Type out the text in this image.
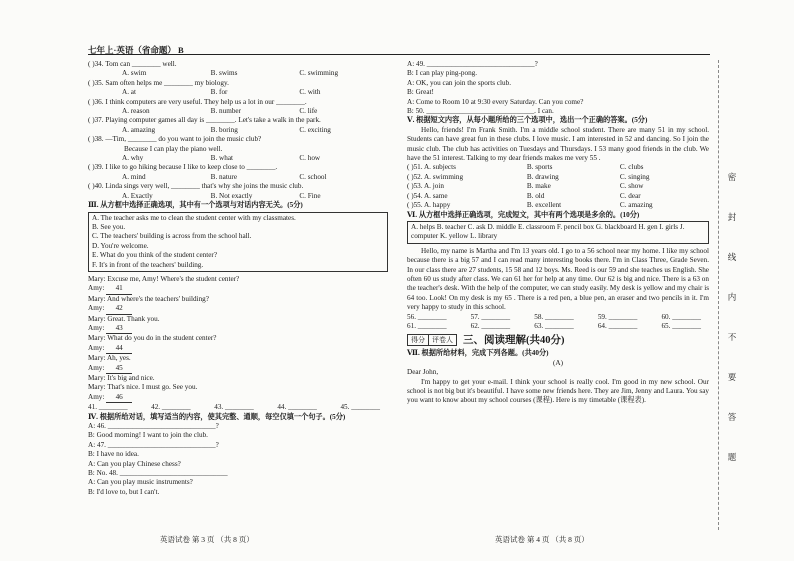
七年上·英语（省命题） B
( )34. Tom can ________ well.
A. swim	B. swims	C. swimming
( )35. Sam often helps me ________ my biology.
A. at	B. for	C. with
( )36. I think computers are very useful. They help us a lot in our ________.
A. reason	B. number	C. life
( )37. Playing computer games all day is ________. Let's take a walk in the park.
A. amazing	B. boring	C. exciting
( )38. —Tim, ________ do you want to join the music club?
Because I can play the piano well.
A. why	B. what	C. how
( )39. I like to go hiking because I like to keep close to ________.
A. mind	B. nature	C. school
( )40. Linda sings very well, ________ that's why she joins the music club.
A. Exactly	B. Not exactly	C. Fine
Ⅲ. 从方框中选择正确选项，其中有一个选项与对话内容无关。(5分)
A. The teacher asks me to clean the student center with my classmates.
B. See you.
C. The teachers' building is across from the school hall.
D. You're welcome.
E. What do you think of the student center?
F. It's in front of the teachers' building.
Mary: Excuse me, Amy! Where's the student center?
Amy: 41
Mary: And where's the teachers' building?
Amy: 42
Mary: Great. Thank you.
Amy: 43
Mary: What do you do in the student center?
Amy: 44
Mary: Ah, yes.
Amy: 45
Mary: It's big and nice.
Mary: That's nice. I must go. See you.
Amy: 46
41. ________	42. ________	43. ________	44. ________	45. ________
Ⅳ. 根据所给对话，填写适当的内容，使其完整、通顺，每空仅填一个句子。(5分)
A: 46. ______________________________?
B: Good morning! I want to join the club.
A: 47. ______________________________?
B: I have no idea.
A: Can you play Chinese chess?
B: No. 48. ______________________________
A: Can you play music instruments?
B: I'd love to, but I can't.
A: 49. ______________________________?
B: I can play ping-pong.
A: OK, you can join the sports club.
B: Great!
A: Come to Room 10 at 9:30 every Saturday. Can you come?
B: 50. ______________________________. I can.
Ⅴ. 根据短文内容，从每小题所给的三个选项中，选出一个正确的答案。(5分)
Hello, friends! I'm Frank Smith. I'm a middle school student. There are many 51 in my school. Students can have great fun in these clubs. I love music. I am interested in 52 and dancing. So I join the music club. The club has activities on Tuesdays and Thursdays. I 53 many good friends in the club. We have the 51 interest. Talking to my dear friends makes me very 55 .
( )51. A. subjects	B. sports	C. clubs
( )52. A. swimming	B. drawing	C. singing
( )53. A. join	B. make	C. show
( )54. A. same	B. old	C. dear
( )55. A. happy	B. excellent	C. amazing
Ⅵ. 从方框中选择正确选项，完成短文，其中有两个选项是多余的。(10分)
A. helps B. teacher C. ask D. middle E. classroom F. pencil box G. blackboard H. gen I. girls J. computer K. yellow L. library
Hello, my name is Martha and I'm 13 years old. I go to a 56 school near my home. I like my school because there is a big 57 and I can read many interesting books there. I'm in Class Three, Grade Seven. In our class there are 27 students, 15 58 and 12 boys. Ms. Reed is our 59 and she teaches us English. She often 60 us study after class. We can 61 her for help at any time. Our 62 is big and nice. There is a 63 on the teacher's desk. With the help of the computer, we can study easily. My desk is yellow and my chair is 64 too. Look! On my desk is my 65 . There is a red pen, a blue pen, an eraser and two pencils in it. I'm very happy to study in this school.
56. ________	57. ________	58. ________	59. ________	60. ________
61. ________	62. ________	63. ________	64. ________	65. ________
得分	评卷人 三、阅读理解(共40分)
Ⅶ. 根据所给材料，完成下列各题。(共40分)
(A)
Dear John,
I'm happy to get your e-mail. I think your school is really cool. I'm good in my new school. Our school is not big but it's beautiful. I have some new friends here. They are Jim, Jenny and Laura. You say you want to know about my school courses (课程). Here is my timetable (课程表).
英语试卷 第 3 页 （共 8 页）	英语试卷 第 4 页 （共 8 页）
密
封
线
内
不
要
答
题
